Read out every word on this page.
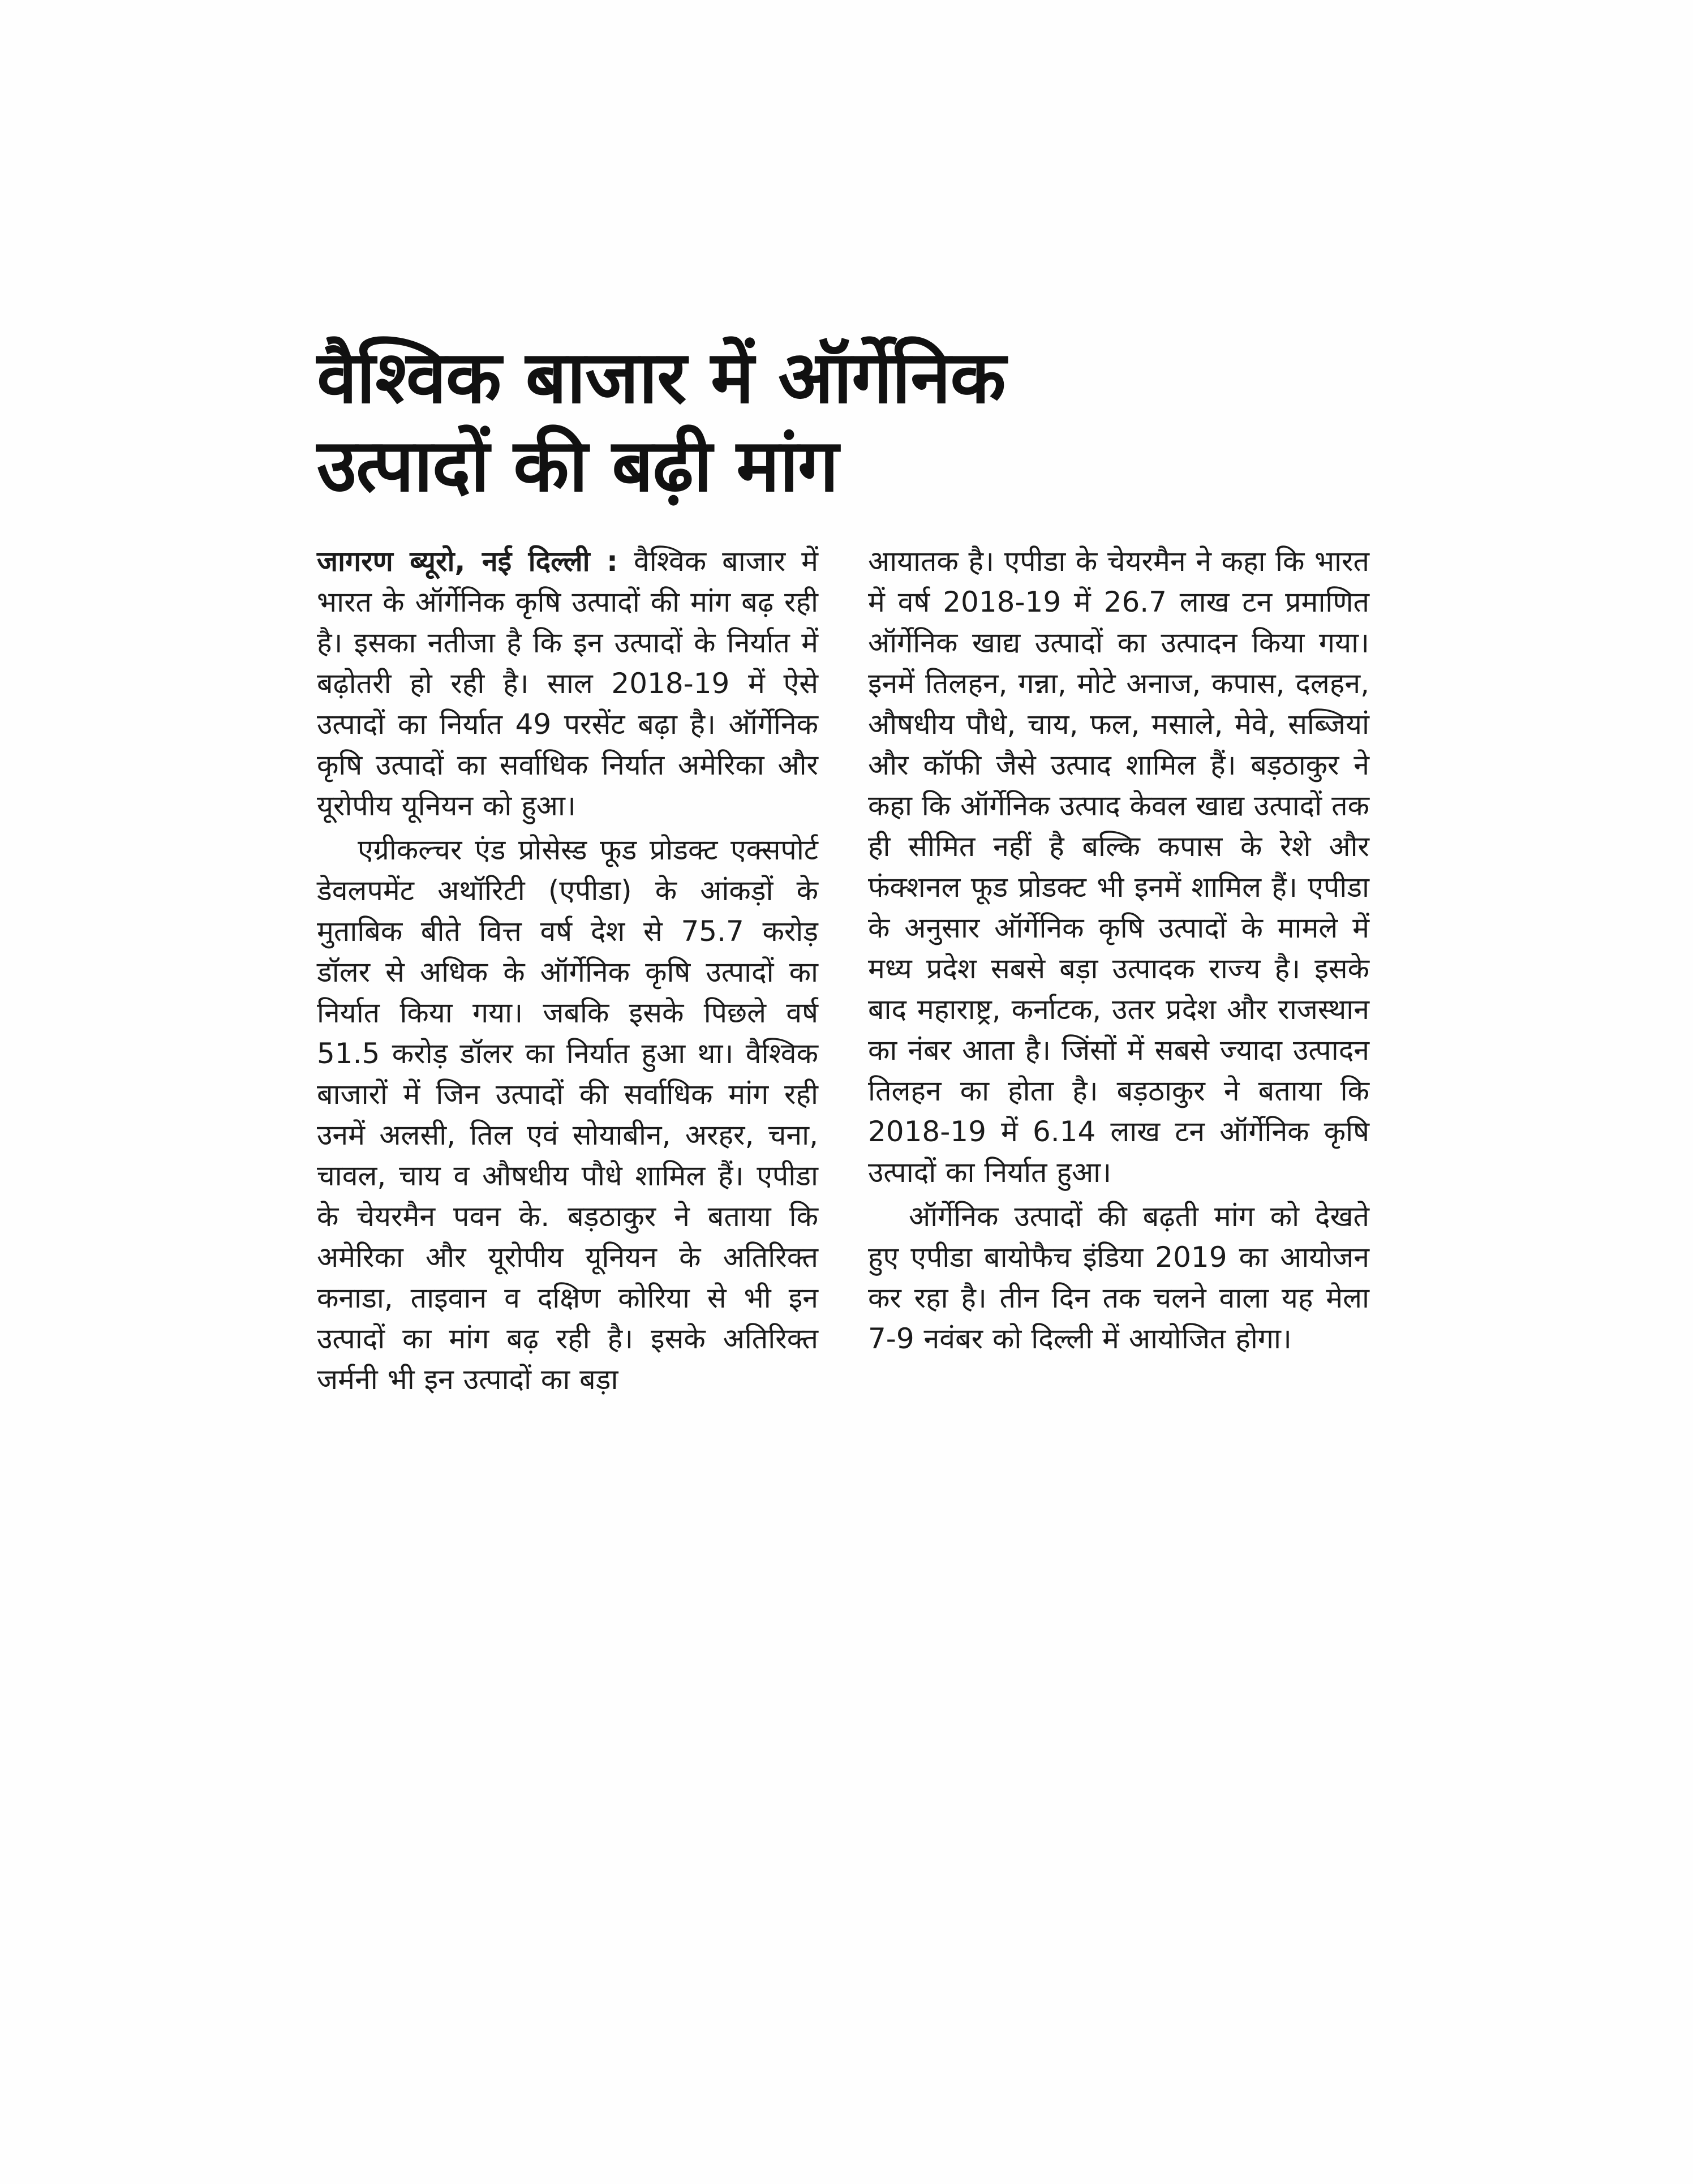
वैश्विक बाजार में ऑर्गेनिक
उत्पादों की बढ़ी मांग

जागरण ब्यूरो, नई दिल्ली : वैश्विक बाजार में भारत के ऑर्गेनिक कृषि उत्पादों की मांग बढ़ रही है। इसका नतीजा है कि इन उत्पादों के निर्यात में बढ़ोतरी हो रही है। साल 2018-19 में ऐसे उत्पादों का निर्यात 49 परसेंट बढ़ा है। ऑर्गेनिक कृषि उत्पादों का सर्वाधिक निर्यात अमेरिका और यूरोपीय यूनियन को हुआ।

एग्रीकल्चर एंड प्रोसेस्ड फूड प्रोडक्ट एक्सपोर्ट डेवलपमेंट अथॉरिटी (एपीडा) के आंकड़ों के मुताबिक बीते वित्त वर्ष देश से 75.7 करोड़ डॉलर से अधिक के ऑर्गेनिक कृषि उत्पादों का निर्यात किया गया। जबकि इसके पिछले वर्ष 51.5 करोड़ डॉलर का निर्यात हुआ था। वैश्विक बाजारों में जिन उत्पादों की सर्वाधिक मांग रही उनमें अलसी, तिल एवं सोयाबीन, अरहर, चना, चावल, चाय व औषधीय पौधे शामिल हैं। एपीडा के चेयरमैन पवन के. बड़ठाकुर ने बताया कि अमेरिका और यूरोपीय यूनियन के अतिरिक्त कनाडा, ताइवान व दक्षिण कोरिया से भी इन उत्पादों का मांग बढ़ रही है। इसके अतिरिक्त जर्मनी भी इन उत्पादों का बड़ा

आयातक है। एपीडा के चेयरमैन ने कहा कि भारत में वर्ष 2018-19 में 26.7 लाख टन प्रमाणित ऑर्गेनिक खाद्य उत्पादों का उत्पादन किया गया। इनमें तिलहन, गन्ना, मोटे अनाज, कपास, दलहन, औषधीय पौधे, चाय, फल, मसाले, मेवे, सब्जियां और कॉफी जैसे उत्पाद शामिल हैं। बड़ठाकुर ने कहा कि ऑर्गेनिक उत्पाद केवल खाद्य उत्पादों तक ही सीमित नहीं है बल्कि कपास के रेशे और फंक्शनल फूड प्रोडक्ट भी इनमें शामिल हैं। एपीडा के अनुसार ऑर्गेनिक कृषि उत्पादों के मामले में मध्य प्रदेश सबसे बड़ा उत्पादक राज्य है। इसके बाद महाराष्ट्र, कर्नाटक, उतर प्रदेश और राजस्थान का नंबर आता है। जिंसों में सबसे ज्यादा उत्पादन तिलहन का होता है। बड़ठाकुर ने बताया कि 2018-19 में 6.14 लाख टन ऑर्गेनिक कृषि उत्पादों का निर्यात हुआ।

ऑर्गेनिक उत्पादों की बढ़ती मांग को देखते हुए एपीडा बायोफैच इंडिया 2019 का आयोजन कर रहा है। तीन दिन तक चलने वाला यह मेला 7-9 नवंबर को दिल्ली में आयोजित होगा।
